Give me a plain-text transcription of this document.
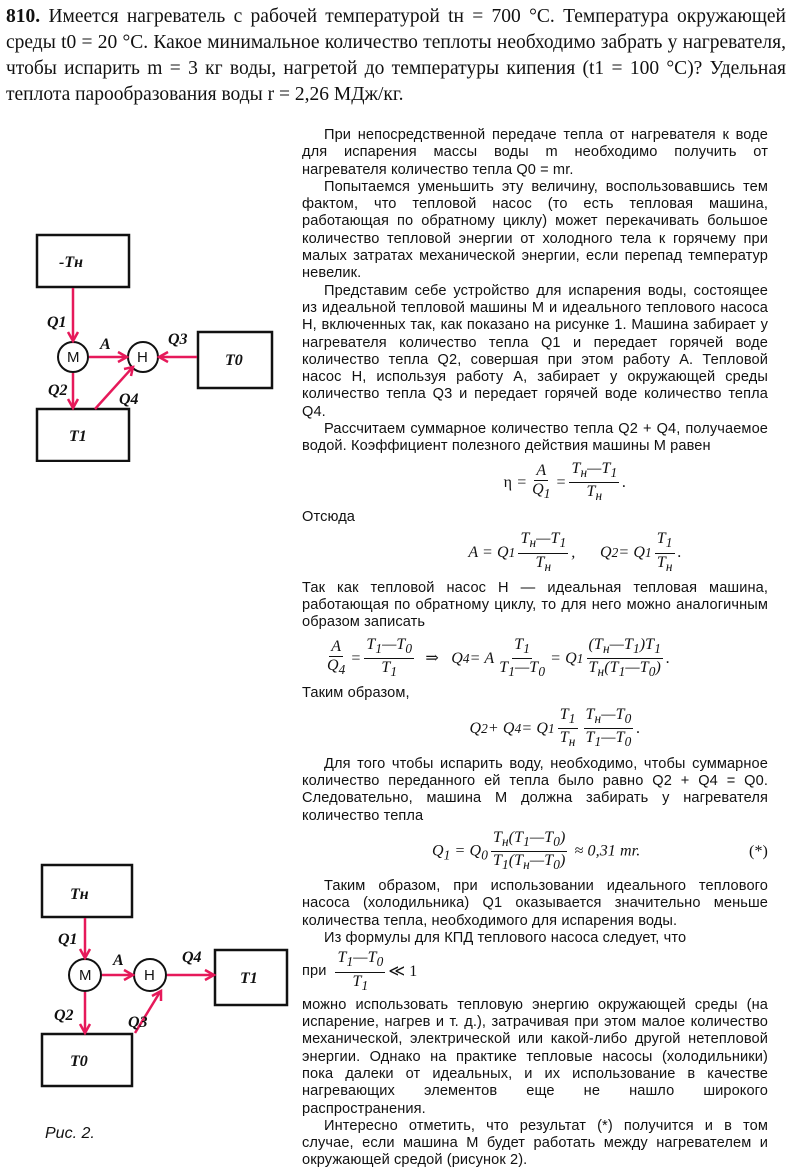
810. Имеется нагреватель с рабочей температурой tн = 700 °С. Температура окружающей среды t0 = 20 °С. Какое минимальное количество теплоты необходимо забрать у нагревателя, чтобы испарить m = 3 кг воды, нагретой до температуры кипения (t1 = 100 °С)? Удельная теплота парообразования воды r = 2,26 МДж/кг.
-Tн
T1
T0
М	Н
Q1
Q2
Q3
Q4
A
Tн
T0
T1
М	Н
Q1
Q2	Q3
Q4
A
Рис. 2.

При непосредственной передаче тепла от нагревателя к воде для испарения массы воды m необходимо получить от нагревателя количество тепла Q0 = mr.

Попытаемся уменьшить эту величину, воспользовавшись тем фактом, что тепловой насос (то есть тепловая машина, работающая по обратному циклу) может перекачивать большое количество тепловой энергии от холодного тела к горячему при малых затратах механической энергии, если перепад температур невелик.

Представим себе устройство для испарения воды, состоящее из идеальной тепловой машины М и идеального теплового насоса Н, включенных так, как показано на рисунке 1. Машина забирает у нагревателя количество тепла Q1 и передает горячей воде количество тепла Q2, совершая при этом работу A. Тепловой насос Н, используя работу A, забирает у окружающей среды количество тепла Q3 и передает горячей воде количество тепла Q4.

Рассчитаем суммарное количество тепла Q2 + Q4, получаемое водой. Коэффициент полезного действия машины М равен

$\eta = \frac{A}{Q_1} = \frac{T_н—T_1}{T_н}$ .

Отсюда

A = Q $1 \frac{T_н—T_1}{T_н}$ ,      Q 2 = Q $1 \frac{T_1}{T_н}$ .

Так как тепловой насос Н — идеальная тепловая машина, работающая по обратному циклу, то для него можно аналогичным образом записать

$\frac{A}{Q_4} = \frac{T_1—T_0}{T_1}$ ⇒   Q 4 = A $\frac{T_1}{T_1—T_0} = Q$ $1 \frac{(T_н—T_1)T_1}{T_н(T_1—T_0)}$ .

Таким образом,

Q 2 + Q 4 = Q $1 \frac{T_1}{T_н} \frac{T_н—T_0}{T_1—T_0}$ .

Для того чтобы испарить воду, необходимо, чтобы суммарное количество переданного ей тепла было равно Q2 + Q4 = Q0. Следовательно, машина М должна забирать у нагревателя количество тепла

$Q_1 = Q_0 \frac{T_н(T_1—T_0)}{T_1(T_н—T_0)} \approx 0,31$ mr.	(*)

Таким образом, при использовании идеального теплового насоса (холодильника) Q1 оказывается значительно меньше количества тепла, необходимого для испарения воды.

Из формулы для КПД теплового насоса следует, что

при $\frac{T_1—T_0}{T_1}$ ≪ 1

можно использовать тепловую энергию окружающей среды (на испарение, нагрев и т. д.), затрачивая при этом малое количество механической, электрической или какой-либо другой нетепловой энергии. Однако на практике тепловые насосы (холодильники) пока далеки от идеальных, и их использование в качестве нагревающих элементов еще не нашло широкого распространения.

Интересно отметить, что результат (*) получится и в том случае, если машина М будет работать между нагревателем и окружающей средой (рисунок 2).
